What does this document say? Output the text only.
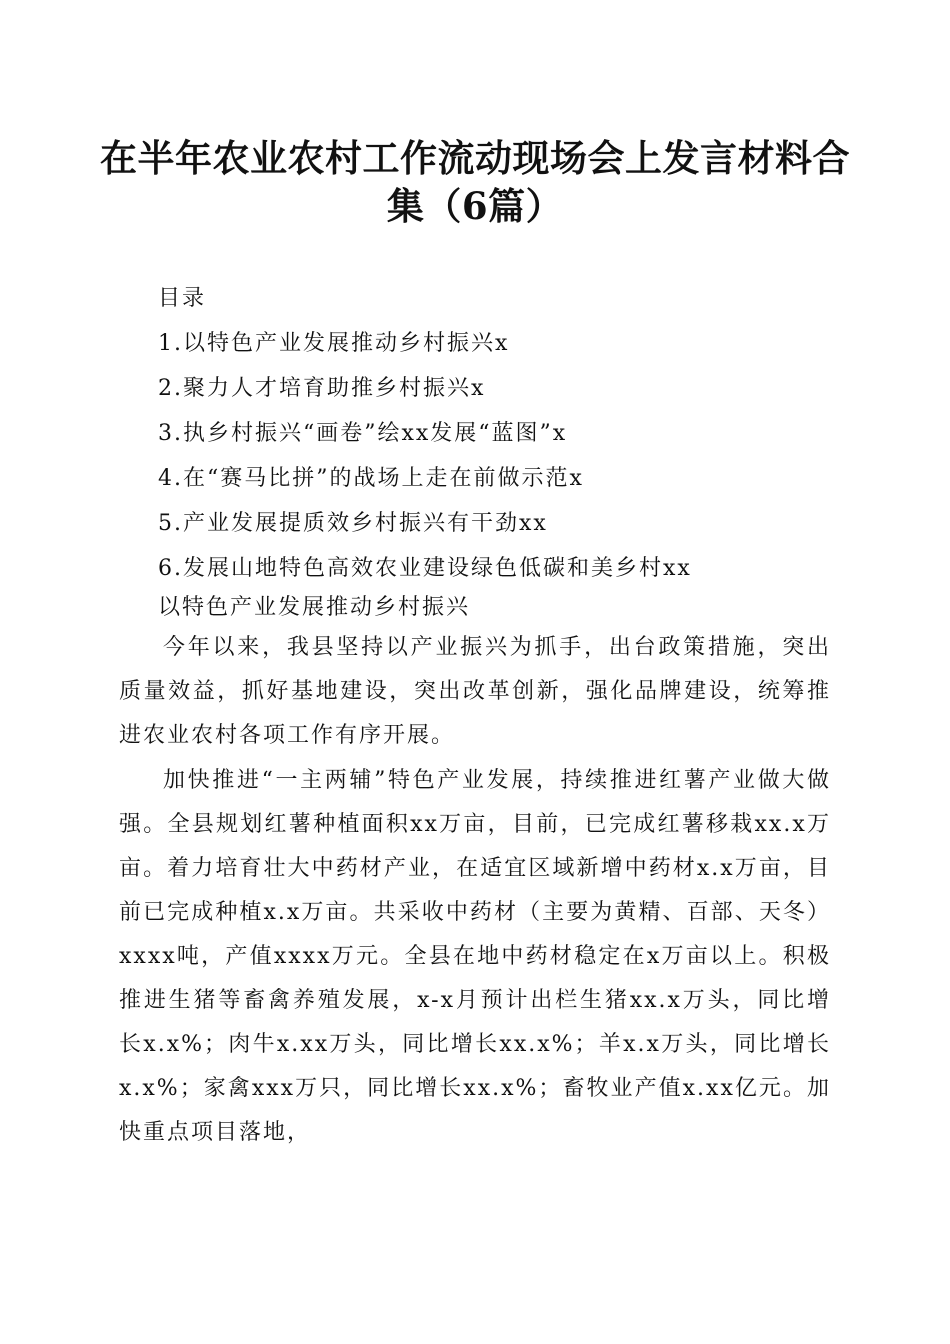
在半年农业农村工作流动现场会上发言材料合
集（6篇）
目录
1.以特色产业发展推动乡村振兴x
2.聚力人才培育助推乡村振兴x
3.执乡村振兴“画卷”绘xx发展“蓝图”x
4.在“赛马比拼”的战场上走在前做示范x
5.产业发展提质效乡村振兴有干劲xx
6.发展山地特色高效农业建设绿色低碳和美乡村xx
以特色产业发展推动乡村振兴

今年以来，我县坚持以产业振兴为抓手，出台政策措施，突出质量效益，抓好基地建设，突出改革创新，强化品牌建设，统筹推进农业农村各项工作有序开展。

加快推进“一主两辅”特色产业发展，持续推进红薯产业做大做强。全县规划红薯种植面积xx万亩，目前，已完成红薯移栽xx.x万亩。着力培育壮大中药材产业，在适宜区域新增中药材x.x万亩，目前已完成种植x.x万亩。共采收中药材（主要为黄精、百部、天冬）xxxx吨，产值xxxx万元。全县在地中药材稳定在x万亩以上。积极推进生猪等畜禽养殖发展，x-x月预计出栏生猪xx.x万头，同比增长x.x%；肉牛x.xx万头，同比增长xx.x%；羊x.x万头，同比增长x.x%；家禽xxx万只，同比增长xx.x%；畜牧业产值x.xx亿元。加快重点项目落地，
